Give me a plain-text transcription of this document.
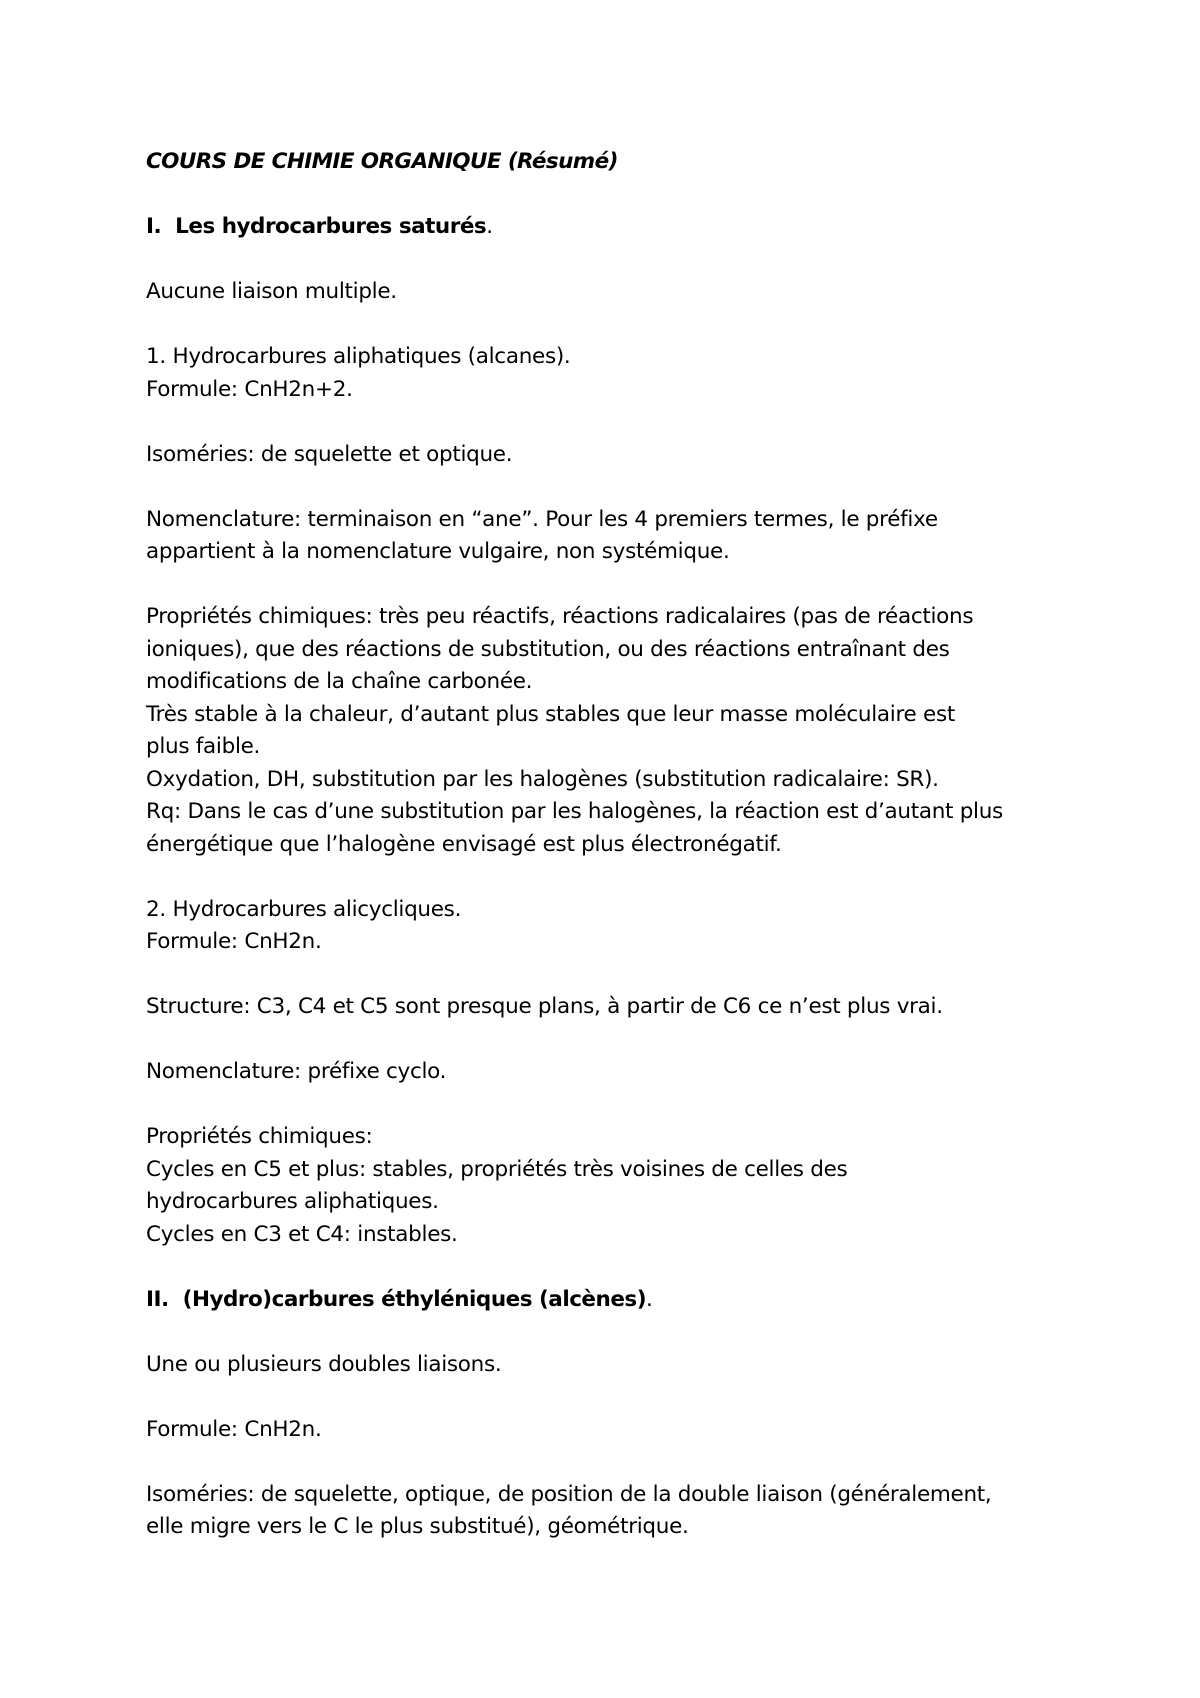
COURS DE CHIMIE ORGANIQUE (Résumé)
I. Les hydrocarbures saturés.
Aucune liaison multiple.
1. Hydrocarbures aliphatiques (alcanes).
Formule: CnH2n+2.
Isoméries: de squelette et optique.
Nomenclature: terminaison en “ane”. Pour les 4 premiers termes, le préfixe
appartient à la nomenclature vulgaire, non systémique.
Propriétés chimiques: très peu réactifs, réactions radicalaires (pas de réactions
ioniques), que des réactions de substitution, ou des réactions entraînant des
modifications de la chaîne carbonée.
Très stable à la chaleur, d’autant plus stables que leur masse moléculaire est
plus faible.
Oxydation, DH, substitution par les halogènes (substitution radicalaire: SR).
Rq: Dans le cas d’une substitution par les halogènes, la réaction est d’autant plus
énergétique que l’halogène envisagé est plus électronégatif.
2. Hydrocarbures alicycliques.
Formule: CnH2n.
Structure: C3, C4 et C5 sont presque plans, à partir de C6 ce n’est plus vrai.
Nomenclature: préfixe cyclo.
Propriétés chimiques:
Cycles en C5 et plus: stables, propriétés très voisines de celles des
hydrocarbures aliphatiques.
Cycles en C3 et C4: instables.
II. (Hydro)carbures éthyléniques (alcènes).
Une ou plusieurs doubles liaisons.
Formule: CnH2n.
Isoméries: de squelette, optique, de position de la double liaison (généralement,
elle migre vers le C le plus substitué), géométrique.
